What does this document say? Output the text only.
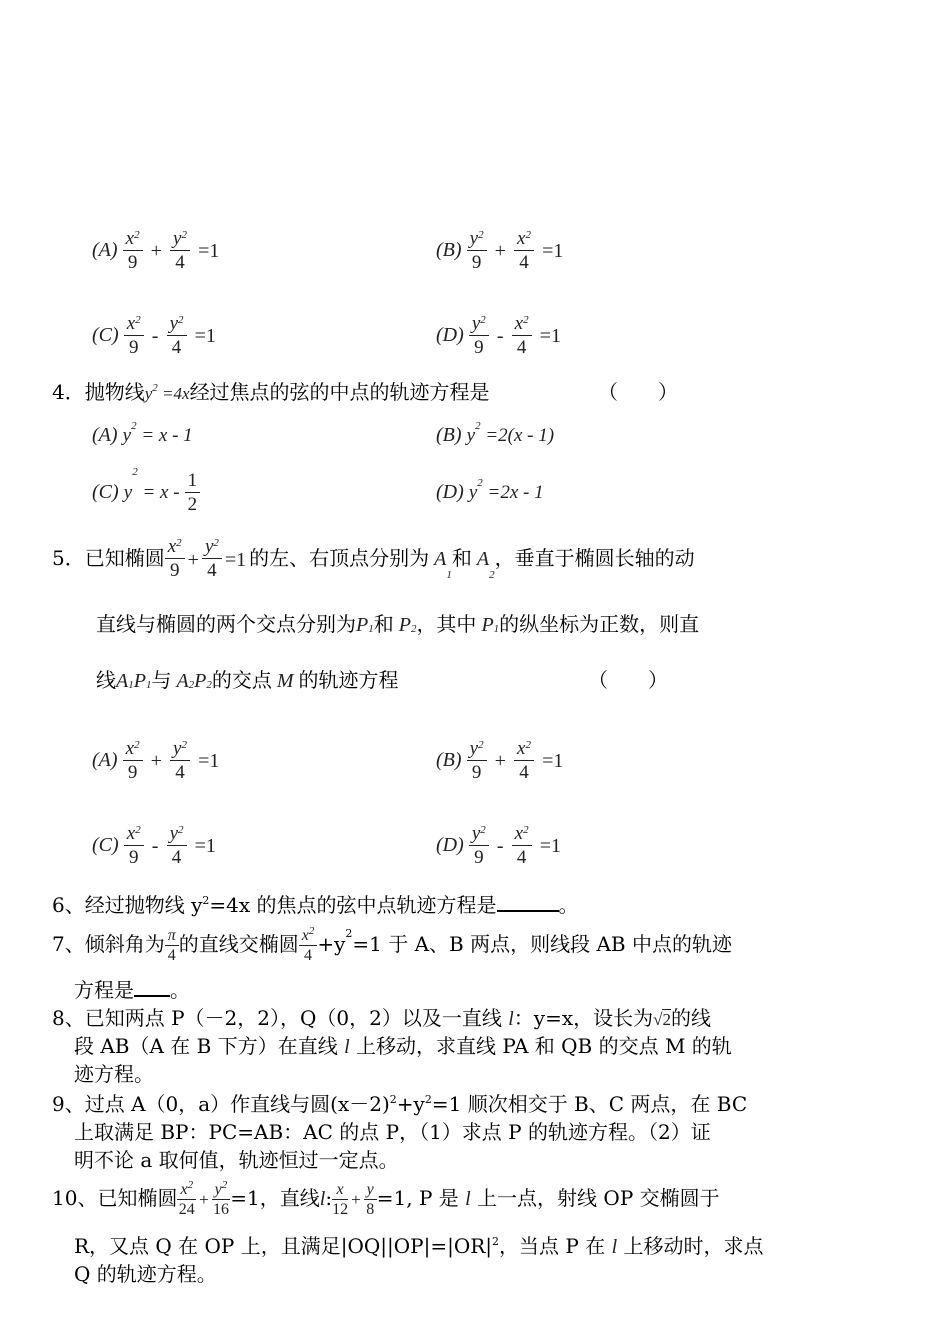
$(A) \frac{x^2}{9} + \frac{y^2}{4} =1$	$(B) \frac{y^2}{9} + \frac{x^2}{4} =1$
$(C) \frac{x^2}{9} - \frac{y^2}{4} =1$	$(D) \frac{y^2}{9} - \frac{x^2}{4} =1$
4．抛物线$y^2 =4x$经过焦点的弦的中点的轨迹方程是	（　　）
(A) $y^2 = x - 1$	(B) $y^2 =2(x - 1)$
(C) $y^2 = x - \frac{1}{2}$	(D) $y^2 =2x - 1$
5．已知椭圆 $\frac{x^2}{9} + \frac{y^2}{4} =1$ 的左、右顶点分别为 $A_1$和 $A_2$，垂直于椭圆长轴的动
直线与椭圆的两个交点分别为$P_1$和 $P_2$，其中 $P_1$的纵坐标为正数，则直
线$A_1P_1$与 $A_2P_2$的交点 M 的轨迹方程	（　　）
$(A) \frac{x^2}{9} + \frac{y^2}{4} =1$	$(B) \frac{y^2}{9} + \frac{x^2}{4} =1$
$(C) \frac{x^2}{9} - \frac{y^2}{4} =1$	$(D) \frac{y^2}{9} - \frac{x^2}{4} =1$
6、经过抛物线 $y^2=4x$ 的焦点的弦中点轨迹方程是	。
7、倾斜角为 $\frac{\pi}{4}$ 的直线交椭圆 $\frac{x^2}{4} +y^2=1$ 于 A、B 两点，则线段 AB 中点的轨迹
方程是 。
8、已知两点 P（－2，2），Q（0，2）以及一直线 l：y=x，设长为√2的线
段 AB（A 在 B 下方）在直线 l 上移动，求直线 PA 和 QB 的交点 M 的轨
迹方程。
9、过点 A（0，a）作直线与圆$(x-2)^2+y^2=1$ 顺次相交于 B、C 两点，在 BC
上取满足 BP：PC=AB：AC 的点 P，（1）求点 P 的轨迹方程。（2）证
明不论 a 取何值，轨迹恒过一定点。
10、已知椭圆 $\frac{x^2}{24} + \frac{y^2}{16} =1$，直线l: $\frac{x}{12} + \frac{y}{8} =1$, P 是 l 上一点，射线 OP 交椭圆于
R，又点 Q 在 OP 上，且满足$|OQ||OP|=|OR|^2$，当点 P 在 l 上移动时，求点
Q 的轨迹方程。
